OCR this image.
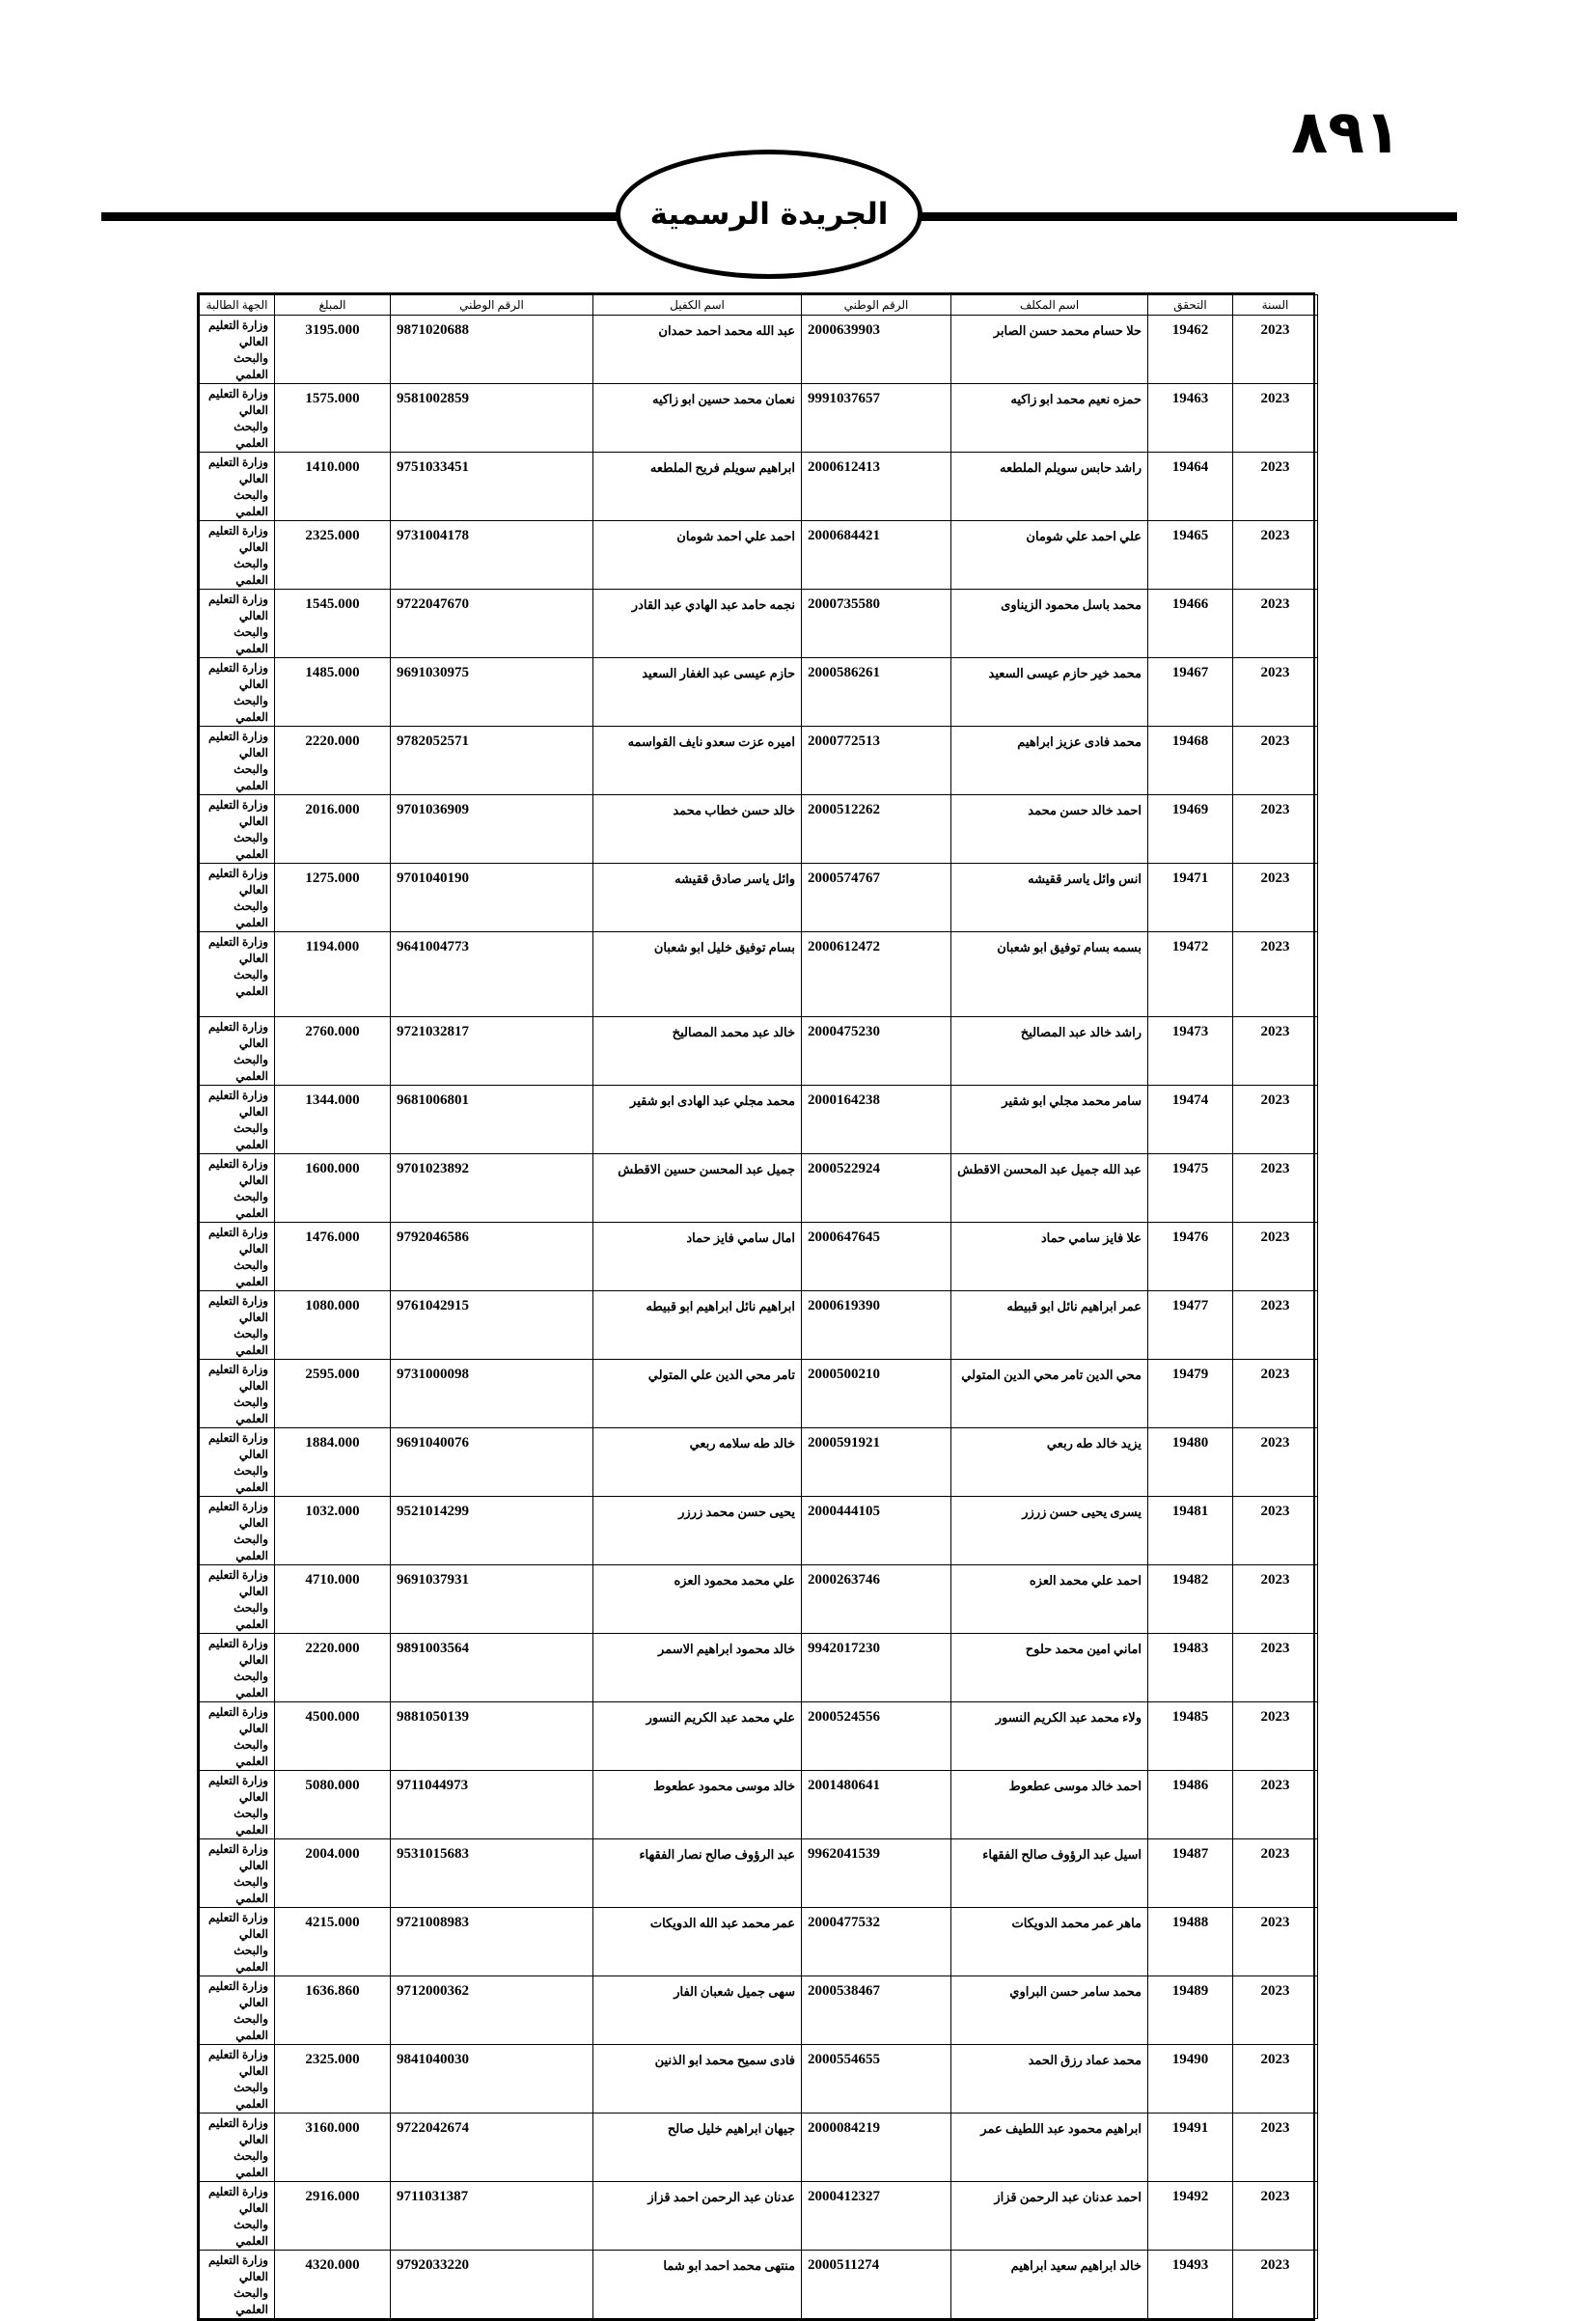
٨٩١
الجريدة الرسمية
السنة	التحقق	اسم المكلف	الرقم الوطني	اسم الكفيل	الرقم الوطني	المبلغ	الجهة الطالبة
2023	19462	حلا حسام محمد حسن الصابر	2000639903	عبد الله محمد احمد حمدان	9871020688	3195.000	وزارة التعليم العالي والبحث العلمي
2023	19463	حمزه نعيم محمد ابو زاكيه	9991037657	نعمان محمد حسين ابو زاكيه	9581002859	1575.000	وزارة التعليم العالي والبحث العلمي
2023	19464	راشد حابس سويلم الملطعه	2000612413	ابراهيم سويلم فريح الملطعه	9751033451	1410.000	وزارة التعليم العالي والبحث العلمي
2023	19465	علي احمد علي شومان	2000684421	احمد علي احمد شومان	9731004178	2325.000	وزارة التعليم العالي والبحث العلمي
2023	19466	محمد باسل محمود الزيناوى	2000735580	نجمه حامد عبد الهادي عبد القادر	9722047670	1545.000	وزارة التعليم العالي والبحث العلمي
2023	19467	محمد خير حازم عيسى السعيد	2000586261	حازم عيسى عبد الغفار السعيد	9691030975	1485.000	وزارة التعليم العالي والبحث العلمي
2023	19468	محمد فادى عزيز ابراهيم	2000772513	اميره عزت سعدو نايف القواسمه	9782052571	2220.000	وزارة التعليم العالي والبحث العلمي
2023	19469	احمد خالد حسن محمد	2000512262	خالد حسن خطاب محمد	9701036909	2016.000	وزارة التعليم العالي والبحث العلمي
2023	19471	انس وائل ياسر ققيشه	2000574767	وائل ياسر صادق ققيشه	9701040190	1275.000	وزارة التعليم العالي والبحث العلمي
2023	19472	بسمه بسام توفيق ابو شعبان	2000612472	بسام توفيق خليل ابو شعبان	9641004773	1194.000	وزارة التعليم العالي والبحث العلمي
2023	19473	راشد خالد عبد المصاليخ	2000475230	خالد عبد محمد المصاليخ	9721032817	2760.000	وزارة التعليم العالي والبحث العلمي
2023	19474	سامر محمد مجلي ابو شقير	2000164238	محمد مجلي عبد الهادى ابو شقير	9681006801	1344.000	وزارة التعليم العالي والبحث العلمي
2023	19475	عبد الله جميل عبد المحسن الاقطش	2000522924	جميل عبد المحسن حسين الاقطش	9701023892	1600.000	وزارة التعليم العالي والبحث العلمي
2023	19476	علا فايز سامي حماد	2000647645	امال سامي فايز حماد	9792046586	1476.000	وزارة التعليم العالي والبحث العلمي
2023	19477	عمر ابراهيم نائل ابو قبيطه	2000619390	ابراهيم نائل ابراهيم ابو قبيطه	9761042915	1080.000	وزارة التعليم العالي والبحث العلمي
2023	19479	محي الدين تامر محي الدين المتولي	2000500210	تامر محي الدين علي المتولي	9731000098	2595.000	وزارة التعليم العالي والبحث العلمي
2023	19480	يزيد خالد طه ربعي	2000591921	خالد طه سلامه ربعي	9691040076	1884.000	وزارة التعليم العالي والبحث العلمي
2023	19481	يسرى يحيى حسن زرزر	2000444105	يحيى حسن محمد زرزر	9521014299	1032.000	وزارة التعليم العالي والبحث العلمي
2023	19482	احمد علي محمد العزه	2000263746	علي محمد محمود العزه	9691037931	4710.000	وزارة التعليم العالي والبحث العلمي
2023	19483	اماني امين محمد حلوح	9942017230	خالد محمود ابراهيم الاسمر	9891003564	2220.000	وزارة التعليم العالي والبحث العلمي
2023	19485	ولاء محمد عبد الكريم النسور	2000524556	علي محمد عبد الكريم النسور	9881050139	4500.000	وزارة التعليم العالي والبحث العلمي
2023	19486	احمد خالد موسى عطعوط	2001480641	خالد موسى محمود عطعوط	9711044973	5080.000	وزارة التعليم العالي والبحث العلمي
2023	19487	اسيل عبد الرؤوف صالح الفقهاء	9962041539	عبد الرؤوف صالح نصار الفقهاء	9531015683	2004.000	وزارة التعليم العالي والبحث العلمي
2023	19488	ماهر عمر محمد الدويكات	2000477532	عمر محمد عبد الله الدويكات	9721008983	4215.000	وزارة التعليم العالي والبحث العلمي
2023	19489	محمد سامر حسن البراوي	2000538467	سهى جميل شعبان الفار	9712000362	1636.860	وزارة التعليم العالي والبحث العلمي
2023	19490	محمد عماد رزق الحمد	2000554655	فادى سميح محمد ابو الذنين	9841040030	2325.000	وزارة التعليم العالي والبحث العلمي
2023	19491	ابراهيم محمود عبد اللطيف عمر	2000084219	جيهان ابراهيم خليل صالح	9722042674	3160.000	وزارة التعليم العالي والبحث العلمي
2023	19492	احمد عدنان عبد الرحمن قزاز	2000412327	عدنان عبد الرحمن احمد قزاز	9711031387	2916.000	وزارة التعليم العالي والبحث العلمي
2023	19493	خالد ابراهيم سعيد ابراهيم	2000511274	منتهى محمد احمد ابو شما	9792033220	4320.000	وزارة التعليم العالي والبحث العلمي
